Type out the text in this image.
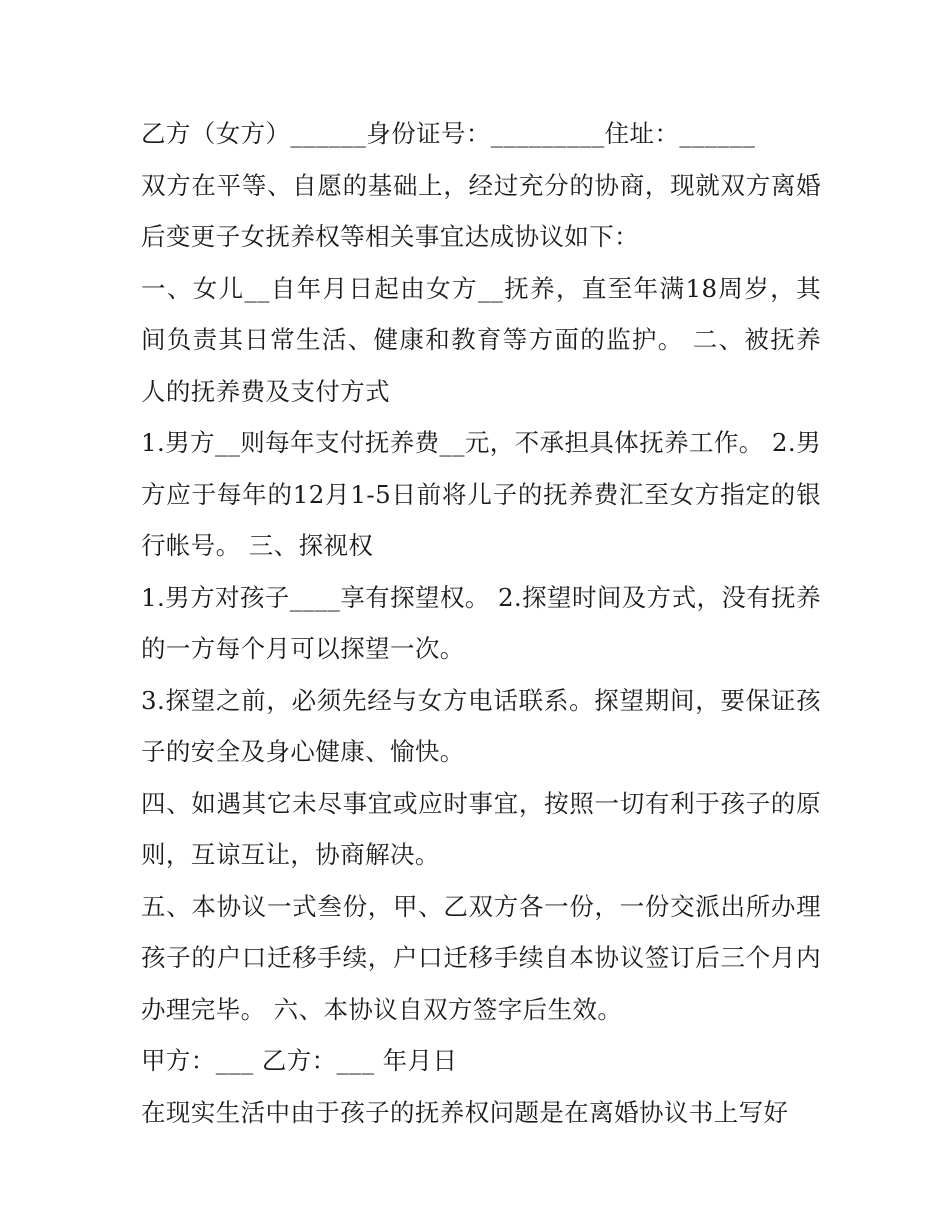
乙方（女方）______身份证号：_________住址：______

双方在平等、自愿的基础上，经过充分的协商，现就双方离婚后变更子女抚养权等相关事宜达成协议如下：

一、女儿__自年月日起由女方__抚养，直至年满18周岁，其间负责其日常生活、健康和教育等方面的监护。 二、被抚养人的抚养费及支付方式

1.男方__则每年支付抚养费__元，不承担具体抚养工作。 2.男方应于每年的12月1-5日前将儿子的抚养费汇至女方指定的银行帐号。 三、探视权

1.男方对孩子____享有探望权。 2.探望时间及方式，没有抚养的一方每个月可以探望一次。

3.探望之前，必须先经与女方电话联系。探望期间，要保证孩子的安全及身心健康、愉快。

四、如遇其它未尽事宜或应时事宜，按照一切有利于孩子的原则，互谅互让，协商解决。

五、本协议一式叁份，甲、乙双方各一份，一份交派出所办理孩子的户口迁移手续，户口迁移手续自本协议签订后三个月内办理完毕。 六、本协议自双方签字后生效。

甲方：___ 乙方：___ 年月日

在现实生活中由于孩子的抚养权问题是在离婚协议书上写好
